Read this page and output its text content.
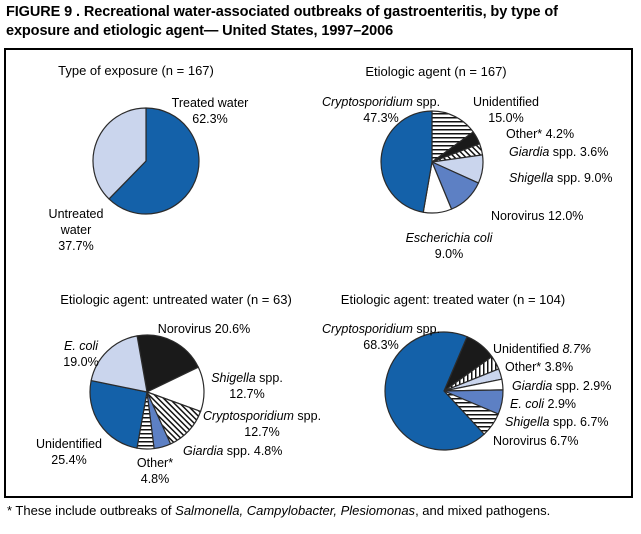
FIGURE 9 . Recreational water-associated outbreaks of gastroenteritis, by type of
exposure and etiologic agent— United States, 1997–2006
Type of exposure (n = 167)	Etiologic agent (n = 167)
Etiologic agent: untreated water (n = 63)	Etiologic agent: treated water (n = 104)
* These include outbreaks of Salmonella, Campylobacter, Plesiomonas, and mixed pathogens.
Treated water
62.3%
Untreated
water
37.7%
Unidentified
15.0%
Other* 4.2%
Giardia spp. 3.6%
Shigella spp. 9.0%
Norovirus 12.0%
Escherichia coli
9.0%
Cryptosporidium spp.
47.3%
Norovirus 20.6%
Shigella spp.
12.7%
Cryptosporidium spp.
12.7%
Giardia spp. 4.8%
Other*
4.8%
Unidentified
25.4%
E. coli
19.0%
Unidentified 8.7%
Other* 3.8%
Giardia spp. 2.9%
E. coli 2.9%
Shigella spp. 6.7%
Norovirus 6.7%
Cryptosporidium spp.
68.3%
